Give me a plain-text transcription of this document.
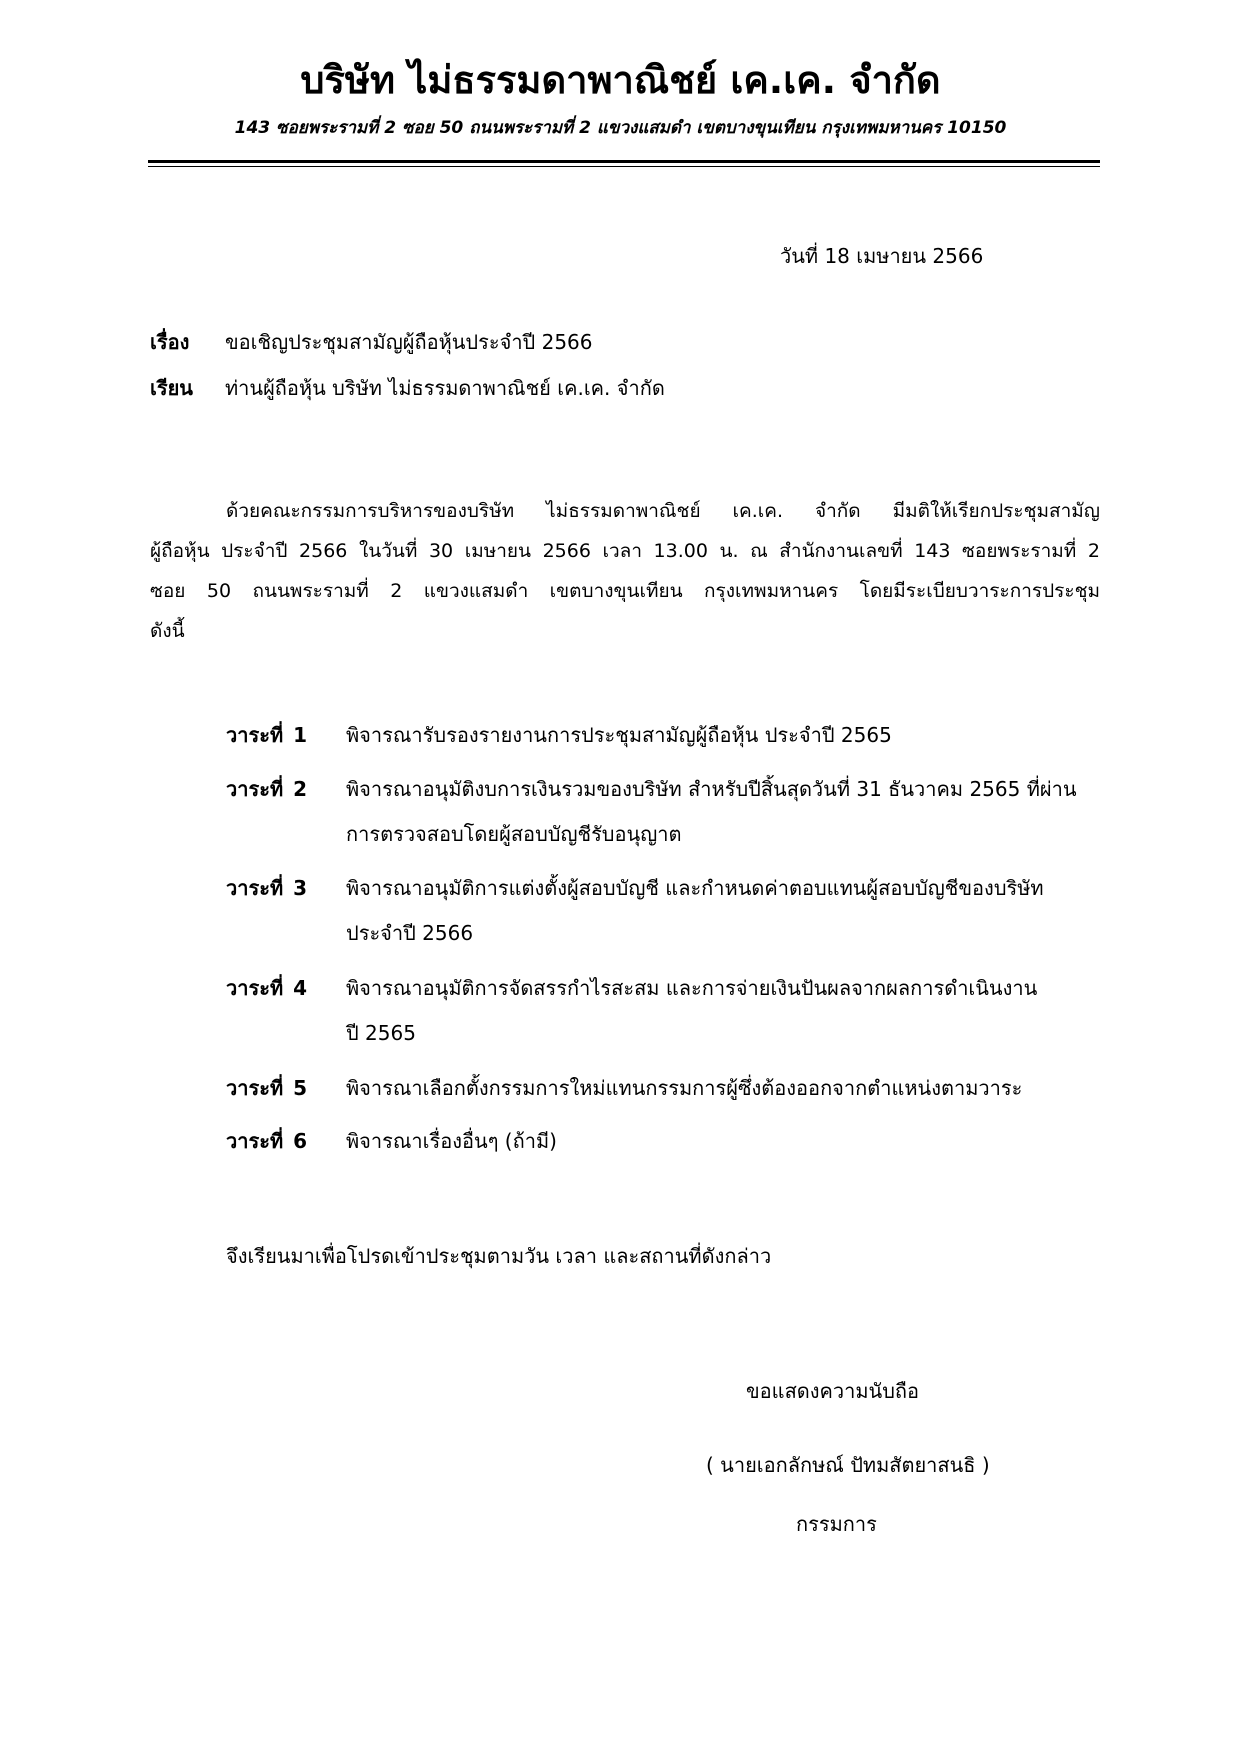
บริษัท ไม่ธรรมดาพาณิชย์ เค.เค. จำกัด
143 ซอยพระรามที่ 2 ซอย 50 ถนนพระรามที่ 2 แขวงแสมดำ เขตบางขุนเทียน กรุงเทพมหานคร 10150
วันที่ 18 เมษายน 2566
เรื่อง ขอเชิญประชุมสามัญผู้ถือหุ้นประจำปี 2566
เรียน ท่านผู้ถือหุ้น บริษัท ไม่ธรรมดาพาณิชย์ เค.เค. จำกัด
ด้วยคณะกรรมการบริหารของบริษัท ไม่ธรรมดาพาณิชย์ เค.เค. จำกัด มีมติให้เรียกประชุมสามัญ
ผู้ถือหุ้น ประจำปี 2566 ในวันที่ 30 เมษายน 2566 เวลา 13.00 น. ณ สำนักงานเลขที่ 143 ซอยพระรามที่ 2
ซอย 50 ถนนพระรามที่ 2 แขวงแสมดำ เขตบางขุนเทียน กรุงเทพมหานคร โดยมีระเบียบวาระการประชุม
ดังนี้
วาระที่ 1 พิจารณารับรองรายงานการประชุมสามัญผู้ถือหุ้น ประจำปี 2565
วาระที่ 2 พิจารณาอนุมัติงบการเงินรวมของบริษัท สำหรับปีสิ้นสุดวันที่ 31 ธันวาคม 2565 ที่ผ่าน
การตรวจสอบโดยผู้สอบบัญชีรับอนุญาต
วาระที่ 3 พิจารณาอนุมัติการแต่งตั้งผู้สอบบัญชี และกำหนดค่าตอบแทนผู้สอบบัญชีของบริษัท
ประจำปี 2566
วาระที่ 4 พิจารณาอนุมัติการจัดสรรกำไรสะสม และการจ่ายเงินปันผลจากผลการดำเนินงาน
ปี 2565
วาระที่ 5 พิจารณาเลือกตั้งกรรมการใหม่แทนกรรมการผู้ซึ่งต้องออกจากตำแหน่งตามวาระ
วาระที่ 6 พิจารณาเรื่องอื่นๆ (ถ้ามี)
จึงเรียนมาเพื่อโปรดเข้าประชุมตามวัน เวลา และสถานที่ดังกล่าว
ขอแสดงความนับถือ
( นายเอกลักษณ์ ปัทมสัตยาสนธิ )
กรรมการ
